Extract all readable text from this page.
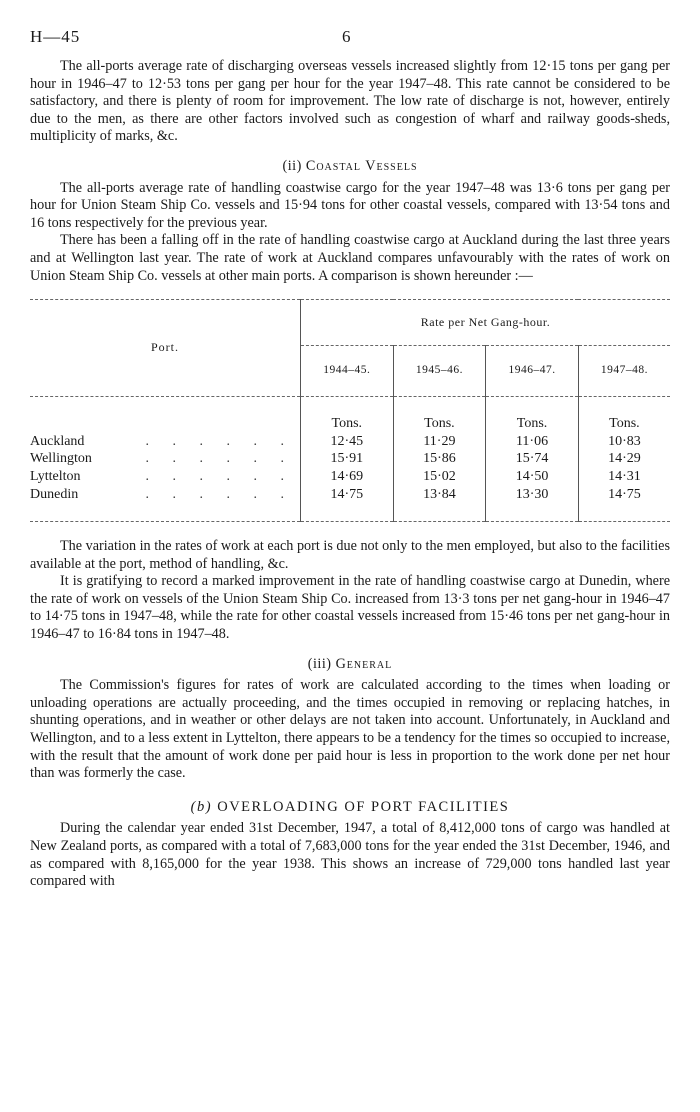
H—45	6

The all-ports average rate of discharging overseas vessels increased slightly from 12·15 tons per gang per hour in 1946–47 to 12·53 tons per gang per hour for the year 1947–48. This rate cannot be considered to be satisfactory, and there is plenty of room for improvement. The low rate of discharge is not, however, entirely due to the men, as there are other factors involved such as congestion of wharf and railway goods-sheds, multiplicity of marks, &c.

(ii) Coastal Vessels

The all-ports average rate of handling coastwise cargo for the year 1947–48 was 13·6 tons per gang per hour for Union Steam Ship Co. vessels and 15·94 tons for other coastal vessels, compared with 13·54 tons and 16 tons respectively for the previous year.

There has been a falling off in the rate of handling coastwise cargo at Auckland during the last three years and at Wellington last year. The rate of work at Auckland compares unfavourably with the rates of work on Union Steam Ship Co. vessels at other main ports. A comparison is shown hereunder :—

Port.	Rate per Net Gang-hour.			
	1944–45.	1945–46.	1946–47.	1947–48.
	Tons.	Tons.	Tons.	Tons.

Auckland . . . . . .	12·45	11·29	11·06	10·83

Wellington . . . . . .	15·91	15·86	15·74	14·29

Lyttelton . . . . . .	14·69	15·02	14·50	14·31

Dunedin . . . . . .	14·75	13·84	13·30	14·75

The variation in the rates of work at each port is due not only to the men employed, but also to the facilities available at the port, method of handling, &c.

It is gratifying to record a marked improvement in the rate of handling coastwise cargo at Dunedin, where the rate of work on vessels of the Union Steam Ship Co. increased from 13·3 tons per net gang-hour in 1946–47 to 14·75 tons in 1947–48, while the rate for other coastal vessels increased from 15·46 tons per net gang-hour in 1946–47 to 16·84 tons in 1947–48.

(iii) General

The Commission's figures for rates of work are calculated according to the times when loading or unloading operations are actually proceeding, and the times occupied in removing or replacing hatches, in shunting operations, and in weather or other delays are not taken into account. Unfortunately, in Auckland and Wellington, and to a less extent in Lyttelton, there appears to be a tendency for the times so occupied to increase, with the result that the amount of work done per paid hour is less in proportion to the work done per net hour than was formerly the case.

(b) OVERLOADING OF PORT FACILITIES

During the calendar year ended 31st December, 1947, a total of 8,412,000 tons of cargo was handled at New Zealand ports, as compared with a total of 7,683,000 tons for the year ended the 31st December, 1946, and as compared with 8,165,000 for the year 1938. This shows an increase of 729,000 tons handled last year compared with
